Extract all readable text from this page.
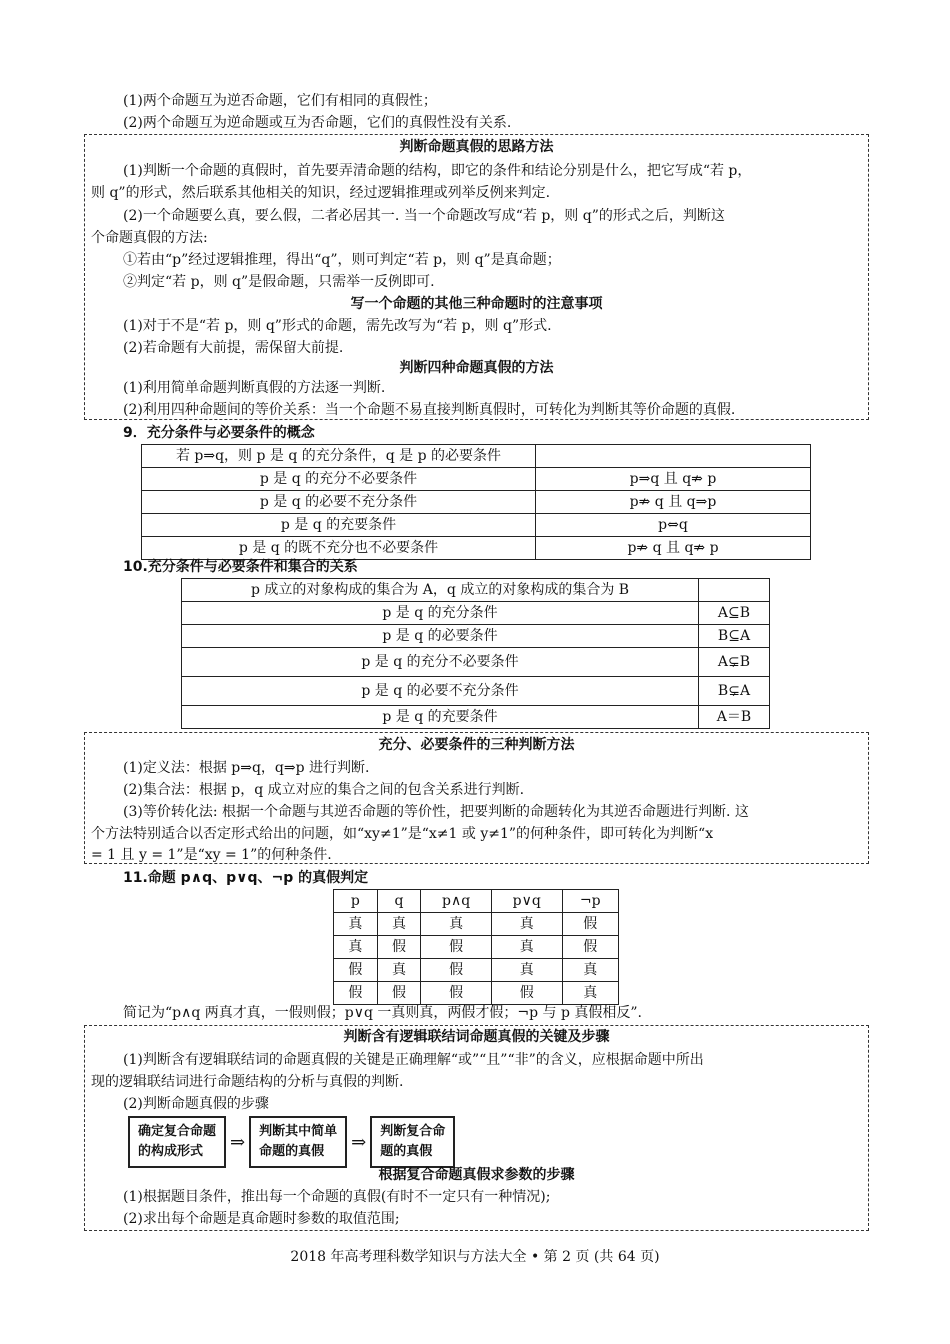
(1)两个命题互为逆否命题，它们有相同的真假性；
(2)两个命题互为逆命题或互为否命题，它们的真假性没有关系.
判断命题真假的思路方法
(1)判断一个命题的真假时，首先要弄清命题的结构，即它的条件和结论分别是什么，把它写成“若 p，
则 q”的形式，然后联系其他相关的知识，经过逻辑推理或列举反例来判定.
(2)一个命题要么真，要么假，二者必居其一. 当一个命题改写成“若 p，则 q”的形式之后，判断这
个命题真假的方法:
①若由“p”经过逻辑推理，得出“q”，则可判定“若 p，则 q”是真命题；
②判定“若 p，则 q”是假命题，只需举一反例即可.
写一个命题的其他三种命题时的注意事项
(1)对于不是“若 p，则 q”形式的命题，需先改写为“若 p，则 q”形式.
(2)若命题有大前提，需保留大前提.
判断四种命题真假的方法
(1)利用简单命题判断真假的方法逐一判断.
(2)利用四种命题间的等价关系：当一个命题不易直接判断真假时，可转化为判断其等价命题的真假.
9．充分条件与必要条件的概念
若 p⇒q，则 p 是 q 的充分条件，q 是 p 的必要条件	
p 是 q 的充分不必要条件	p⇒q 且 q⇏ p
p 是 q 的必要不充分条件	p⇏ q 且 q⇒p
p 是 q 的充要条件	p⇔q
p 是 q 的既不充分也不必要条件	p⇏ q 且 q⇏ p
10.充分条件与必要条件和集合的关系
p 成立的对象构成的集合为 A，q 成立的对象构成的集合为 B	
p 是 q 的充分条件	A⊆B
p 是 q 的必要条件	B⊆A
p 是 q 的充分不必要条件	A⊊B
p 是 q 的必要不充分条件	B⊊A
p 是 q 的充要条件	A＝B
充分、必要条件的三种判断方法
(1)定义法：根据 p⇒q，q⇒p 进行判断.
(2)集合法：根据 p，q 成立对应的集合之间的包含关系进行判断.
(3)等价转化法: 根据一个命题与其逆否命题的等价性，把要判断的命题转化为其逆否命题进行判断. 这
个方法特别适合以否定形式给出的问题，如“xy≠1”是“x≠1 或 y≠1”的何种条件，即可转化为判断“x
= 1 且 y = 1”是“xy = 1”的何种条件.
11.命题 p∧q、p∨q、¬p 的真假判定
p	q	p∧q	p∨q	¬p
真	真	真	真	假
真	假	假	真	假
假	真	假	真	真
假	假	假	假	真
简记为“p∧q 两真才真，一假则假；p∨q 一真则真，两假才假；¬p 与 p 真假相反”.
判断含有逻辑联结词命题真假的关键及步骤
(1)判断含有逻辑联结词的命题真假的关键是正确理解“或”“且”“非”的含义，应根据命题中所出
现的逻辑联结词进行命题结构的分析与真假的判断.
(2)判断命题真假的步骤
确定复合命题
的构成形式	⇒ 判断其中简单
命题的真假	⇒ 判断复合命
题的真假
根据复合命题真假求参数的步骤
(1)根据题目条件，推出每一个命题的真假(有时不一定只有一种情况);
(2)求出每个命题是真命题时参数的取值范围;
2018 年高考理科数学知识与方法大全 • 第 2 页 (共 64 页)
